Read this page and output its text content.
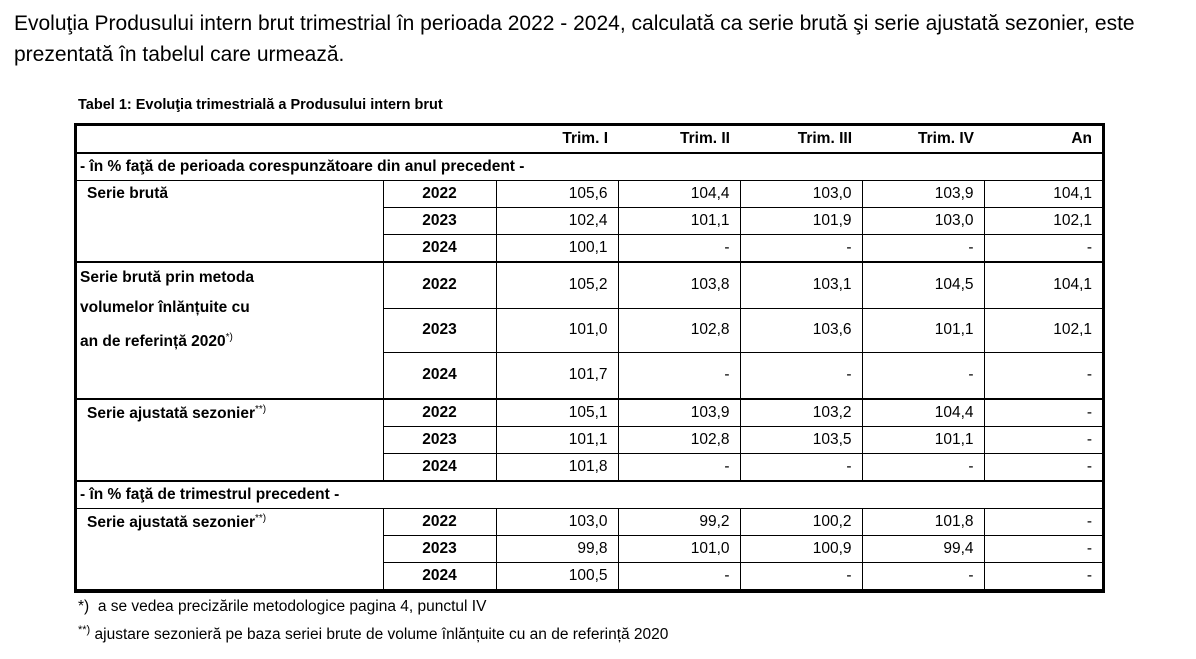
Evoluţia Produsului intern brut trimestrial în perioada 2022 - 2024, calculată ca serie brută şi serie ajustată sezonier, este prezentată în tabelul care urmează.

Tabel 1: Evoluţia trimestrială a Produsului intern brut

		Trim. I	Trim. II	Trim. III	Trim. IV	An
- în % faţă de perioada corespunzătoare din anul precedent -						
Serie brută	2022	105,6	104,4	103,0	103,9	104,1
	2023	102,4	101,1	101,9	103,0	102,1
	2024	100,1	-	-	-	-
Serie brută prin metoda
volumelor înlănțuite cu
an de referință 2020*)	2022	105,2	103,8	103,1	104,5	104,1
	2023	101,0	102,8	103,6	101,1	102,1
	2024	101,7	-	-	-	-
Serie ajustată sezonier**)	2022	105,1	103,9	103,2	104,4	-
	2023	101,1	102,8	103,5	101,1	-
	2024	101,8	-	-	-	-
- în % faţă de trimestrul precedent -						
Serie ajustată sezonier**)	2022	103,0	99,2	100,2	101,8	-
	2023	99,8	101,0	100,9	99,4	-
	2024	100,5	-	-	-	-

*) a se vedea precizările metodologice pagina 4, punctul IV

**) ajustare sezonieră pe baza seriei brute de volume înlănțuite cu an de referință 2020
